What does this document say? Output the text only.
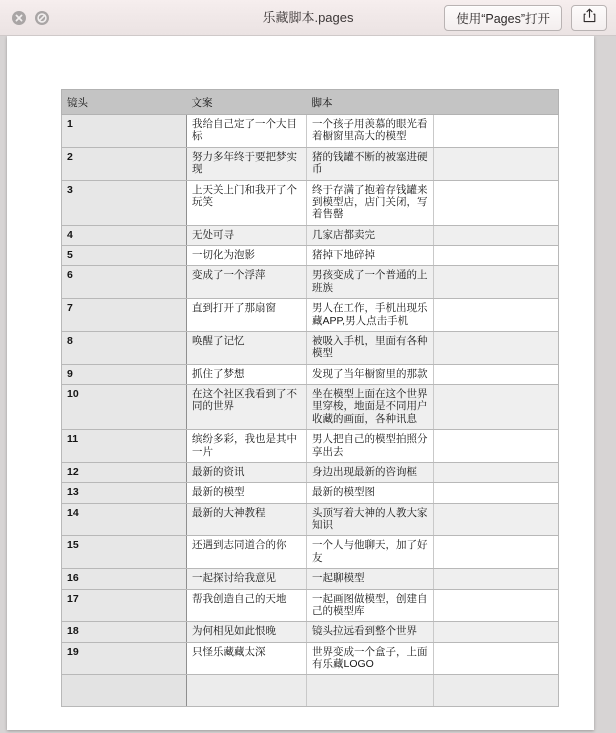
乐藏脚本.pages	使用“Pages”打开
镜头	文案	脚本	
1	我给自己定了一个大目标	一个孩子用羡慕的眼光看着橱窗里高大的模型	
2	努力多年终于要把梦实现	猪的钱罐不断的被塞进硬币	
3	上天关上门和我开了个玩笑	终于存满了抱着存钱罐来到模型店，店门关闭，写着售罄	
4	无处可寻	几家店都卖完	
5	一切化为泡影	猪掉下地碎掉	
6	变成了一个浮萍	男孩变成了一个普通的上班族	
7	直到打开了那扇窗	男人在工作，手机出现乐藏APP,男人点击手机	
8	唤醒了记忆	被吸入手机，里面有各种模型	
9	抓住了梦想	发现了当年橱窗里的那款	
10	在这个社区我看到了不同的世界	坐在模型上面在这个世界里穿梭，地面是不同用户收藏的画面，各种讯息	
11	缤纷多彩，我也是其中一片	男人把自己的模型拍照分享出去	
12	最新的资讯	身边出现最新的咨询框	
13	最新的模型	最新的模型图	
14	最新的大神教程	头顶写着大神的人教大家知识	
15	还遇到志同道合的你	一个人与他聊天，加了好友	
16	一起探讨给我意见	一起聊模型	
17	帮我创造自己的天地	一起画图做模型，创建自己的模型库	
18	为何相见如此恨晚	镜头拉远看到整个世界	
19	只怪乐藏藏太深	世界变成一个盒子，上面有乐藏LOGO	
